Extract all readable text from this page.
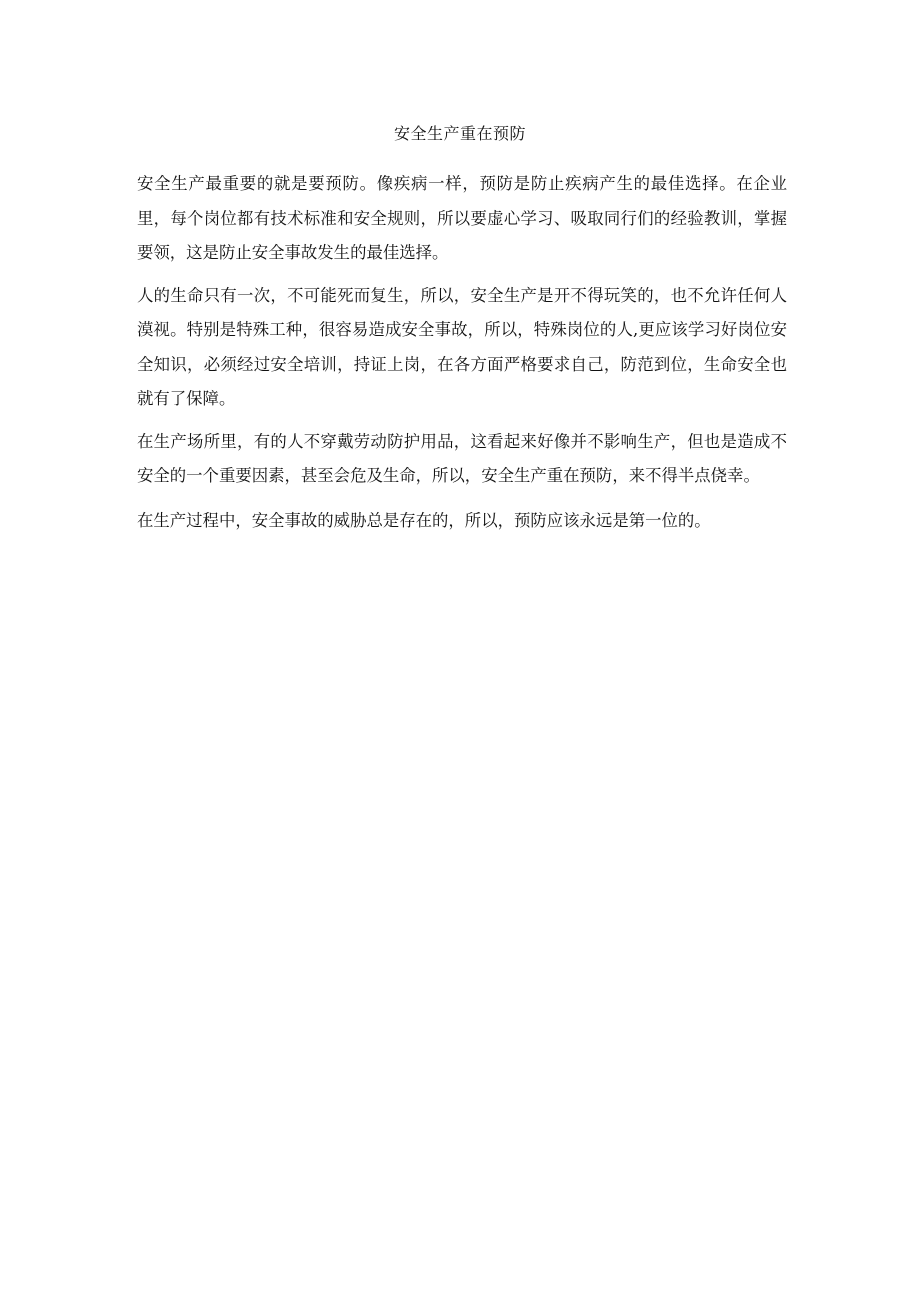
安全生产重在预防

安全生产最重要的就是要预防。像疾病一样，预防是防止疾病产生的最佳选择。在企业里，每个岗位都有技术标准和安全规则，所以要虚心学习、吸取同行们的经验教训，掌握要领，这是防止安全事故发生的最佳选择。

人的生命只有一次，不可能死而复生，所以，安全生产是开不得玩笑的，也不允许任何人漠视。特别是特殊工种，很容易造成安全事故，所以，特殊岗位的人,更应该学习好岗位安全知识，必须经过安全培训，持证上岗，在各方面严格要求自己，防范到位，生命安全也就有了保障。

在生产场所里，有的人不穿戴劳动防护用品，这看起来好像并不影响生产，但也是造成不安全的一个重要因素，甚至会危及生命，所以，安全生产重在预防，来不得半点侥幸。

在生产过程中，安全事故的威胁总是存在的，所以，预防应该永远是第一位的。
